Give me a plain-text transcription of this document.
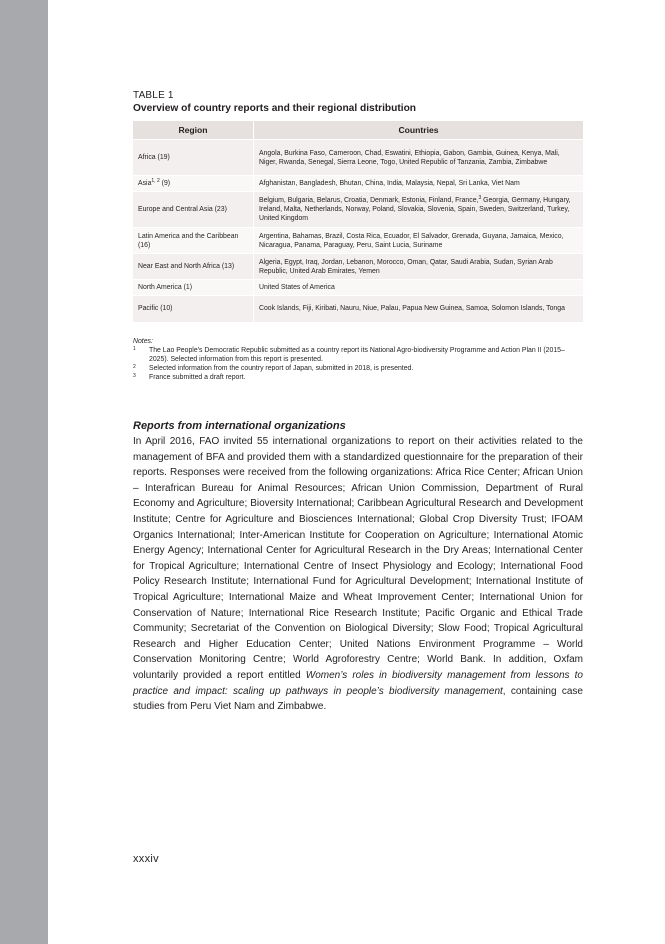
TABLE 1
Overview of country reports and their regional distribution
Region	Countries
Africa (19)	Angola, Burkina Faso, Cameroon, Chad, Eswatini, Ethiopia, Gabon, Gambia, Guinea, Kenya, Mali, Niger, Rwanda, Senegal, Sierra Leone, Togo, United Republic of Tanzania, Zambia, Zimbabwe
Asia$^{1, 2}$ (9)	Afghanistan, Bangladesh, Bhutan, China, India, Malaysia, Nepal, Sri Lanka, Viet Nam
Europe and Central Asia (23)	Belgium, Bulgaria, Belarus, Croatia, Denmark, Estonia, Finland, France,$^3$ Georgia, Germany, Hungary, Ireland, Malta, Netherlands, Norway, Poland, Slovakia, Slovenia, Spain, Sweden, Switzerland, Turkey, United Kingdom
Latin America and the Caribbean (16)	Argentina, Bahamas, Brazil, Costa Rica, Ecuador, El Salvador, Grenada, Guyana, Jamaica, Mexico, Nicaragua, Panama, Paraguay, Peru, Saint Lucia, Suriname
Near East and North Africa (13)	Algeria, Egypt, Iraq, Jordan, Lebanon, Morocco, Oman, Qatar, Saudi Arabia, Sudan, Syrian Arab Republic, United Arab Emirates, Yemen
North America (1)	United States of America
Pacific (10)	Cook Islands, Fiji, Kiribati, Nauru, Niue, Palau, Papua New Guinea, Samoa, Solomon Islands, Tonga
Notes:
1 The Lao People’s Democratic Republic submitted as a country report its National Agro-biodiversity Programme and Action Plan II (2015–2025). Selected information from this report is presented.
2 Selected information from the country report of Japan, submitted in 2018, is presented.
3 France submitted a draft report.
Reports from international organizations
In April 2016, FAO invited 55 international organizations to report on their activities related to the management of BFA and provided them with a standardized questionnaire for the preparation of their reports. Responses were received from the following organizations: Africa Rice Center; African Union – Interafrican Bureau for Animal Resources; African Union Commission, Department of Rural Economy and Agriculture; Bioversity International; Caribbean Agricultural Research and Development Institute; Centre for Agriculture and Biosciences International; Global Crop Diversity Trust; IFOAM Organics International; Inter-American Institute for Cooperation on Agriculture; International Atomic Energy Agency; International Center for Agricultural Research in the Dry Areas; International Center for Tropical Agriculture; International Centre of Insect Physiology and Ecology; International Food Policy Research Institute; International Fund for Agricultural Development; International Institute of Tropical Agriculture; International Maize and Wheat Improvement Center; International Union for Conservation of Nature; International Rice Research Institute; Pacific Organic and Ethical Trade Community; Secretariat of the Convention on Biological Diversity; Slow Food; Tropical Agricultural Research and Higher Education Center; United Nations Environment Programme – World Conservation Monitoring Centre; World Agroforestry Centre; World Bank. In addition, Oxfam voluntarily provided a report entitled Women’s roles in biodiversity management from lessons to practice and impact: scaling up pathways in people’s biodiversity management, containing case studies from Peru Viet Nam and Zimbabwe.
xxxiv
